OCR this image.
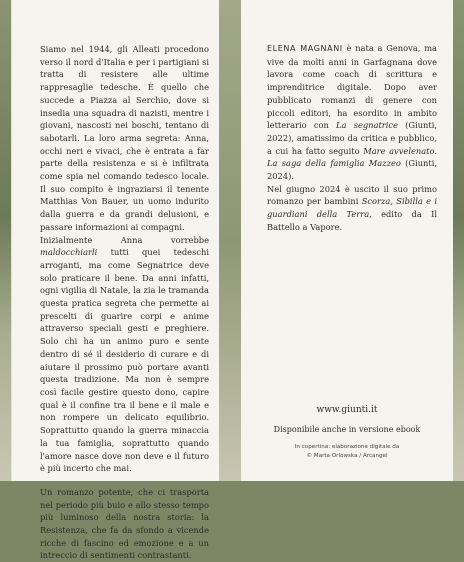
Siamo nel 1944, gli Alleati procedono verso il nord d'Italia e per i partigiani si tratta di resistere alle ultime rappresaglie tedesche. È quello che succede a Piazza al Serchio, dove si insedia una squadra di nazisti, mentre i giovani, nascosti nei boschi, tentano di sabotarli. La loro arma segreta: Anna, occhi neri e vivaci, che è entrata a far parte della resistenza e si è infiltrata come spia nel comando tedesco locale. Il suo compito è ingraziarsi il tenente Matthias Von Bauer, un uomo indurito dalla guerra e da grandi delusioni, e passare informazioni ai compagni.
Inizialmente Anna vorrebbe maldocchiarli tutti quei tedeschi arroganti, ma come Segnatrice deve solo praticare il bene. Da anni infatti, ogni vigilia di Natale, la zia le tramanda questa pratica segreta che permette ai prescelti di guarire corpi e anime attraverso speciali gesti e preghiere. Solo chi ha un animo puro e sente dentro di sé il desiderio di curare e di aiutare il prossimo può portare avanti questa tradizione. Ma non è sempre così facile gestire questo dono, capire qual è il confine tra il bene e il male e non rompere un delicato equilibrio. Soprattutto quando la guerra minaccia la tua famiglia, soprattutto quando l'amore nasce dove non deve e il futuro è più incerto che mai.

Un romanzo potente, che ci trasporta nel periodo più buio e allo stesso tempo più luminoso della nostra storia: la Resistenza, che fa da sfondo a vicende ricche di fascino ed emozione e a un intreccio di sentimenti contrastanti.

ELENA MAGNANI è nata a Genova, ma vive da molti anni in Garfagnana dove lavora come coach di scrittura e imprenditrice digitale. Dopo aver pubblicato romanzi di genere con piccoli editori, ha esordito in ambito letterario con La segnatrice (Giunti, 2022), amatissimo da critica e pubblico, a cui ha fatto seguito Mare avvelenato. La saga della famiglia Mazzeo (Giunti, 2024).
Nel giugno 2024 è uscito il suo primo romanzo per bambini Scorza, Sibilla e i guardiani della Terra, edito da Il Battello a Vapore.

www.giunti.it
Disponibile anche in versione ebook
In copertina: elaborazione digitale da
© Marta Orlowska / Arcangel
